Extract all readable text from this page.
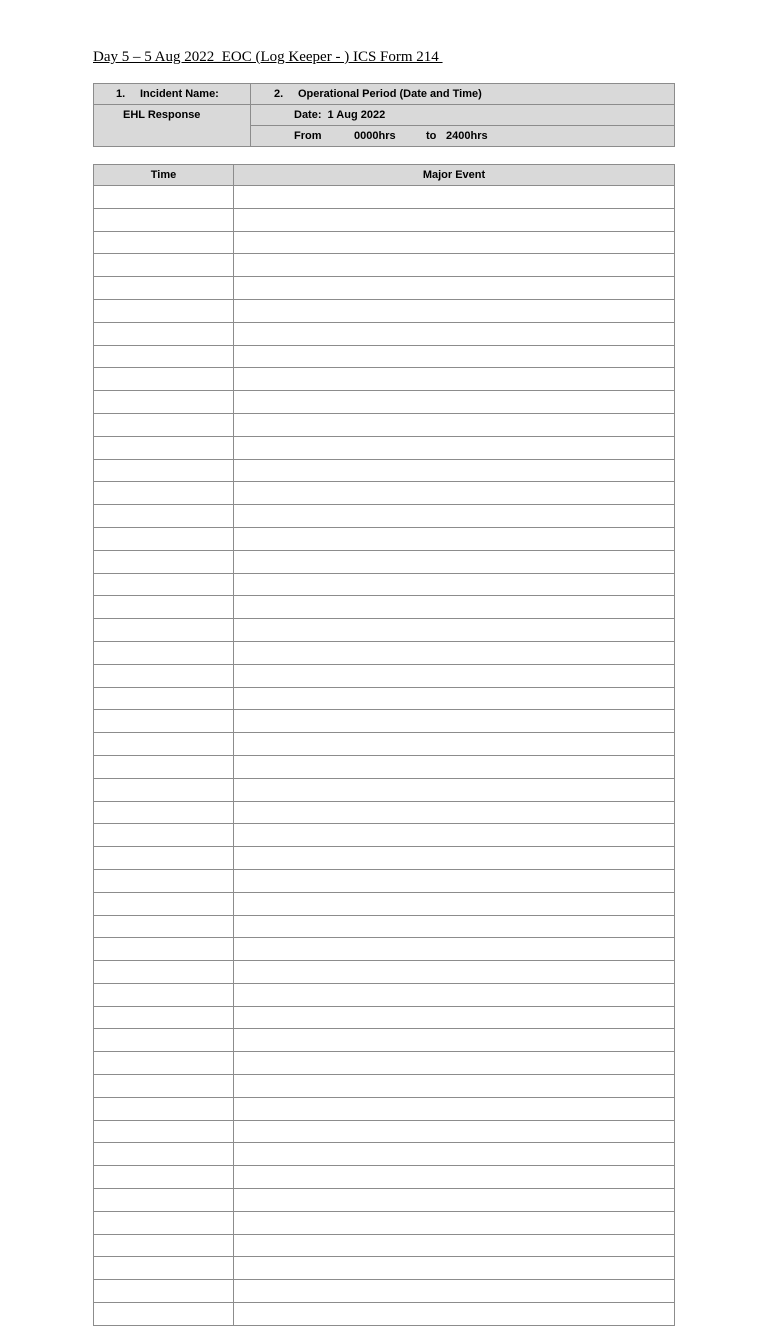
Day 5 – 5 Aug 2022_EOC (Log Keeper - ) ICS Form 214
1. Incident Name:	2. Operational Period (Date and Time)

EHL Response	Date: 1 Aug 2022

	From 0000hrs to 2400hrs
Time	Major Event
